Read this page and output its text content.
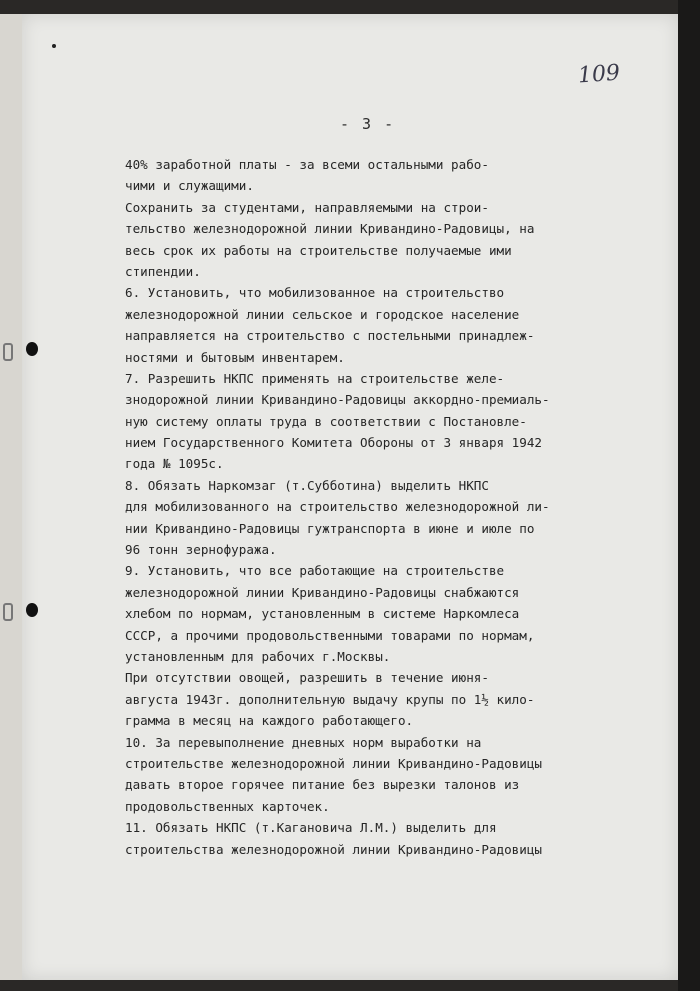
109
- 3 -
40% заработной платы - за всеми остальными рабо-
чими и служащими.
Сохранить за студентами, направляемыми на строи-
тельство железнодорожной линии Кривандино-Радовицы, на
весь срок их работы на строительстве получаемые ими
стипендии.
6. Установить, что мобилизованное на строительство
железнодорожной линии сельское и городское население
направляется на строительство с постельными принадлеж-
ностями и бытовым инвентарем.
7. Разрешить НКПС применять на строительстве желе-
знодорожной линии Кривандино-Радовицы аккордно-премиаль-
ную систему оплаты труда в соответствии с Постановле-
нием Государственного Комитета Обороны от 3 января 1942
года № 1095с.
8. Обязать Наркомзаг (т.Субботина) выделить НКПС
для мобилизованного на строительство железнодорожной ли-
нии Кривандино-Радовицы гужтранспорта в июне и июле по
96 тонн зернофуража.
9. Установить, что все работающие на строительстве
железнодорожной линии Кривандино-Радовицы снабжаются
хлебом по нормам, установленным в системе Наркомлеса
СССР, а прочими продовольственными товарами по нормам,
установленным для рабочих г.Москвы.
При отсутствии овощей, разрешить в течение июня-
августа 1943г. дополнительную выдачу крупы по 1½ кило-
грамма в месяц на каждого работающего.
10. За перевыполнение дневных норм выработки на
строительстве железнодорожной линии Кривандино-Радовицы
давать второе горячее питание без вырезки талонов из
продовольственных карточек.
11. Обязать НКПС (т.Кагановича Л.М.) выделить для
строительства железнодорожной линии Кривандино-Радовицы
